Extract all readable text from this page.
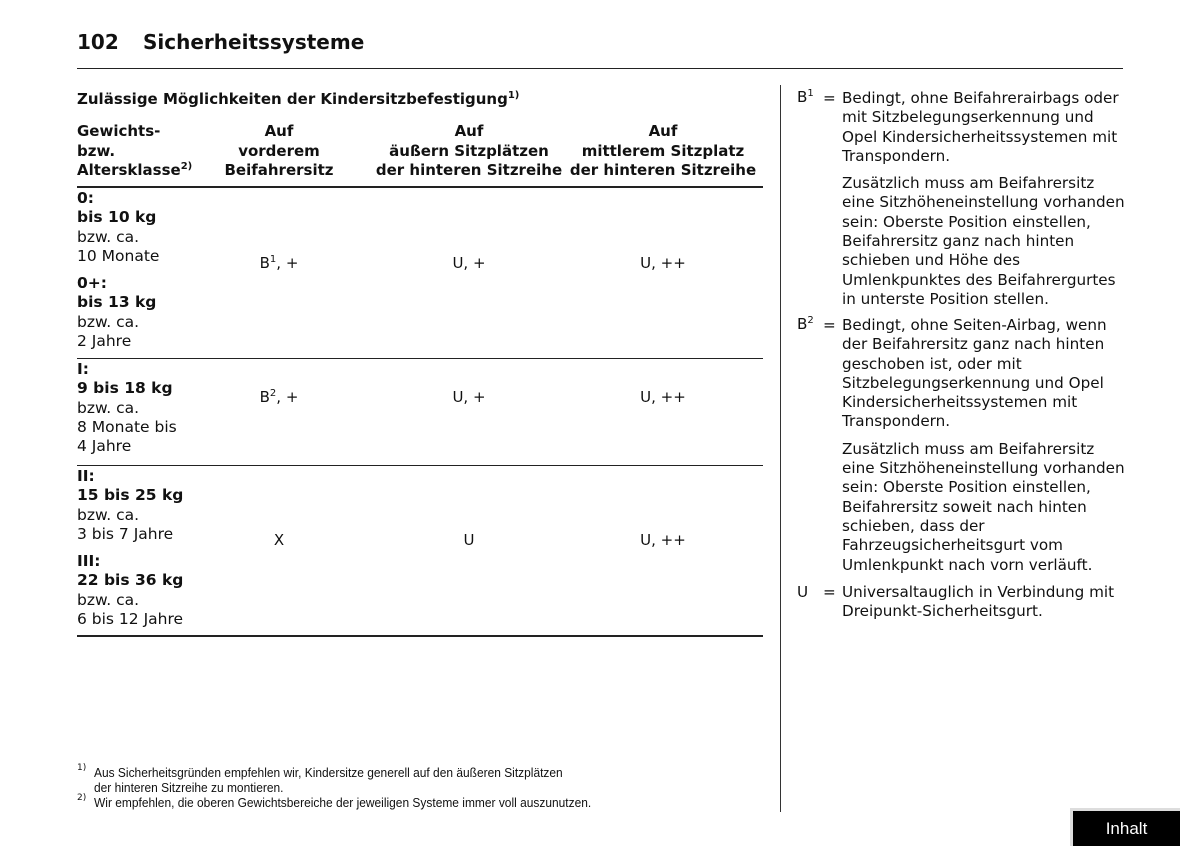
102 Sicherheitssysteme
Zulässige Möglichkeiten der Kindersitzbefestigung$^{1)}$
Gewichts-
bzw.
Altersklasse$^{2)}$
Auf
vorderem
Beifahrersitz
Auf
äußern Sitzplätzen
der hinteren Sitzreihe
Auf
mittlerem Sitzplatz
der hinteren Sitzreihe
0:
bis 10 kg
bzw. ca.
10 Monate
0+:
bis 13 kg
bzw. ca.
2 Jahre
$B^1$, +	U, +	U, ++
I:
9 bis 18 kg
bzw. ca.
8 Monate bis
4 Jahre
$B^2$, +	U, +	U, ++
II:
15 bis 25 kg
bzw. ca.
3 bis 7 Jahre
III:
22 bis 36 kg
bzw. ca.
6 bis 12 Jahre
X	U	U, ++
$B^1$ = Bedingt, ohne Beifahrerairbags oder mit Sitzbelegungserkennung und Opel Kindersicherheitssystemen mit Transpondern.

Zusätzlich muss am Beifahrersitz eine Sitzhöheneinstellung vorhanden sein: Oberste Position einstellen, Beifahrersitz ganz nach hinten schieben und Höhe des Umlenkpunktes des Beifahrergurtes in unterste Position stellen.

$B^2$ = Bedingt, ohne Seiten-Airbag, wenn der Beifahrersitz ganz nach hinten geschoben ist, oder mit Sitzbelegungserkennung und Opel Kindersicherheitssystemen mit Transpondern.

Zusätzlich muss am Beifahrersitz eine Sitzhöheneinstellung vorhanden sein: Oberste Position einstellen, Beifahrersitz soweit nach hinten schieben, dass der Fahrzeugsicherheitsgurt vom Umlenkpunkt nach vorn verläuft.

U = Universaltauglich in Verbindung mit Dreipunkt-Sicherheitsgurt.

1) Aus Sicherheitsgründen empfehlen wir, Kindersitze generell auf den äußeren Sitzplätzen
der hinteren Sitzreihe zu montieren.
2) Wir empfehlen, die oberen Gewichtsbereiche der jeweiligen Systeme immer voll auszunutzen.
Inhalt
